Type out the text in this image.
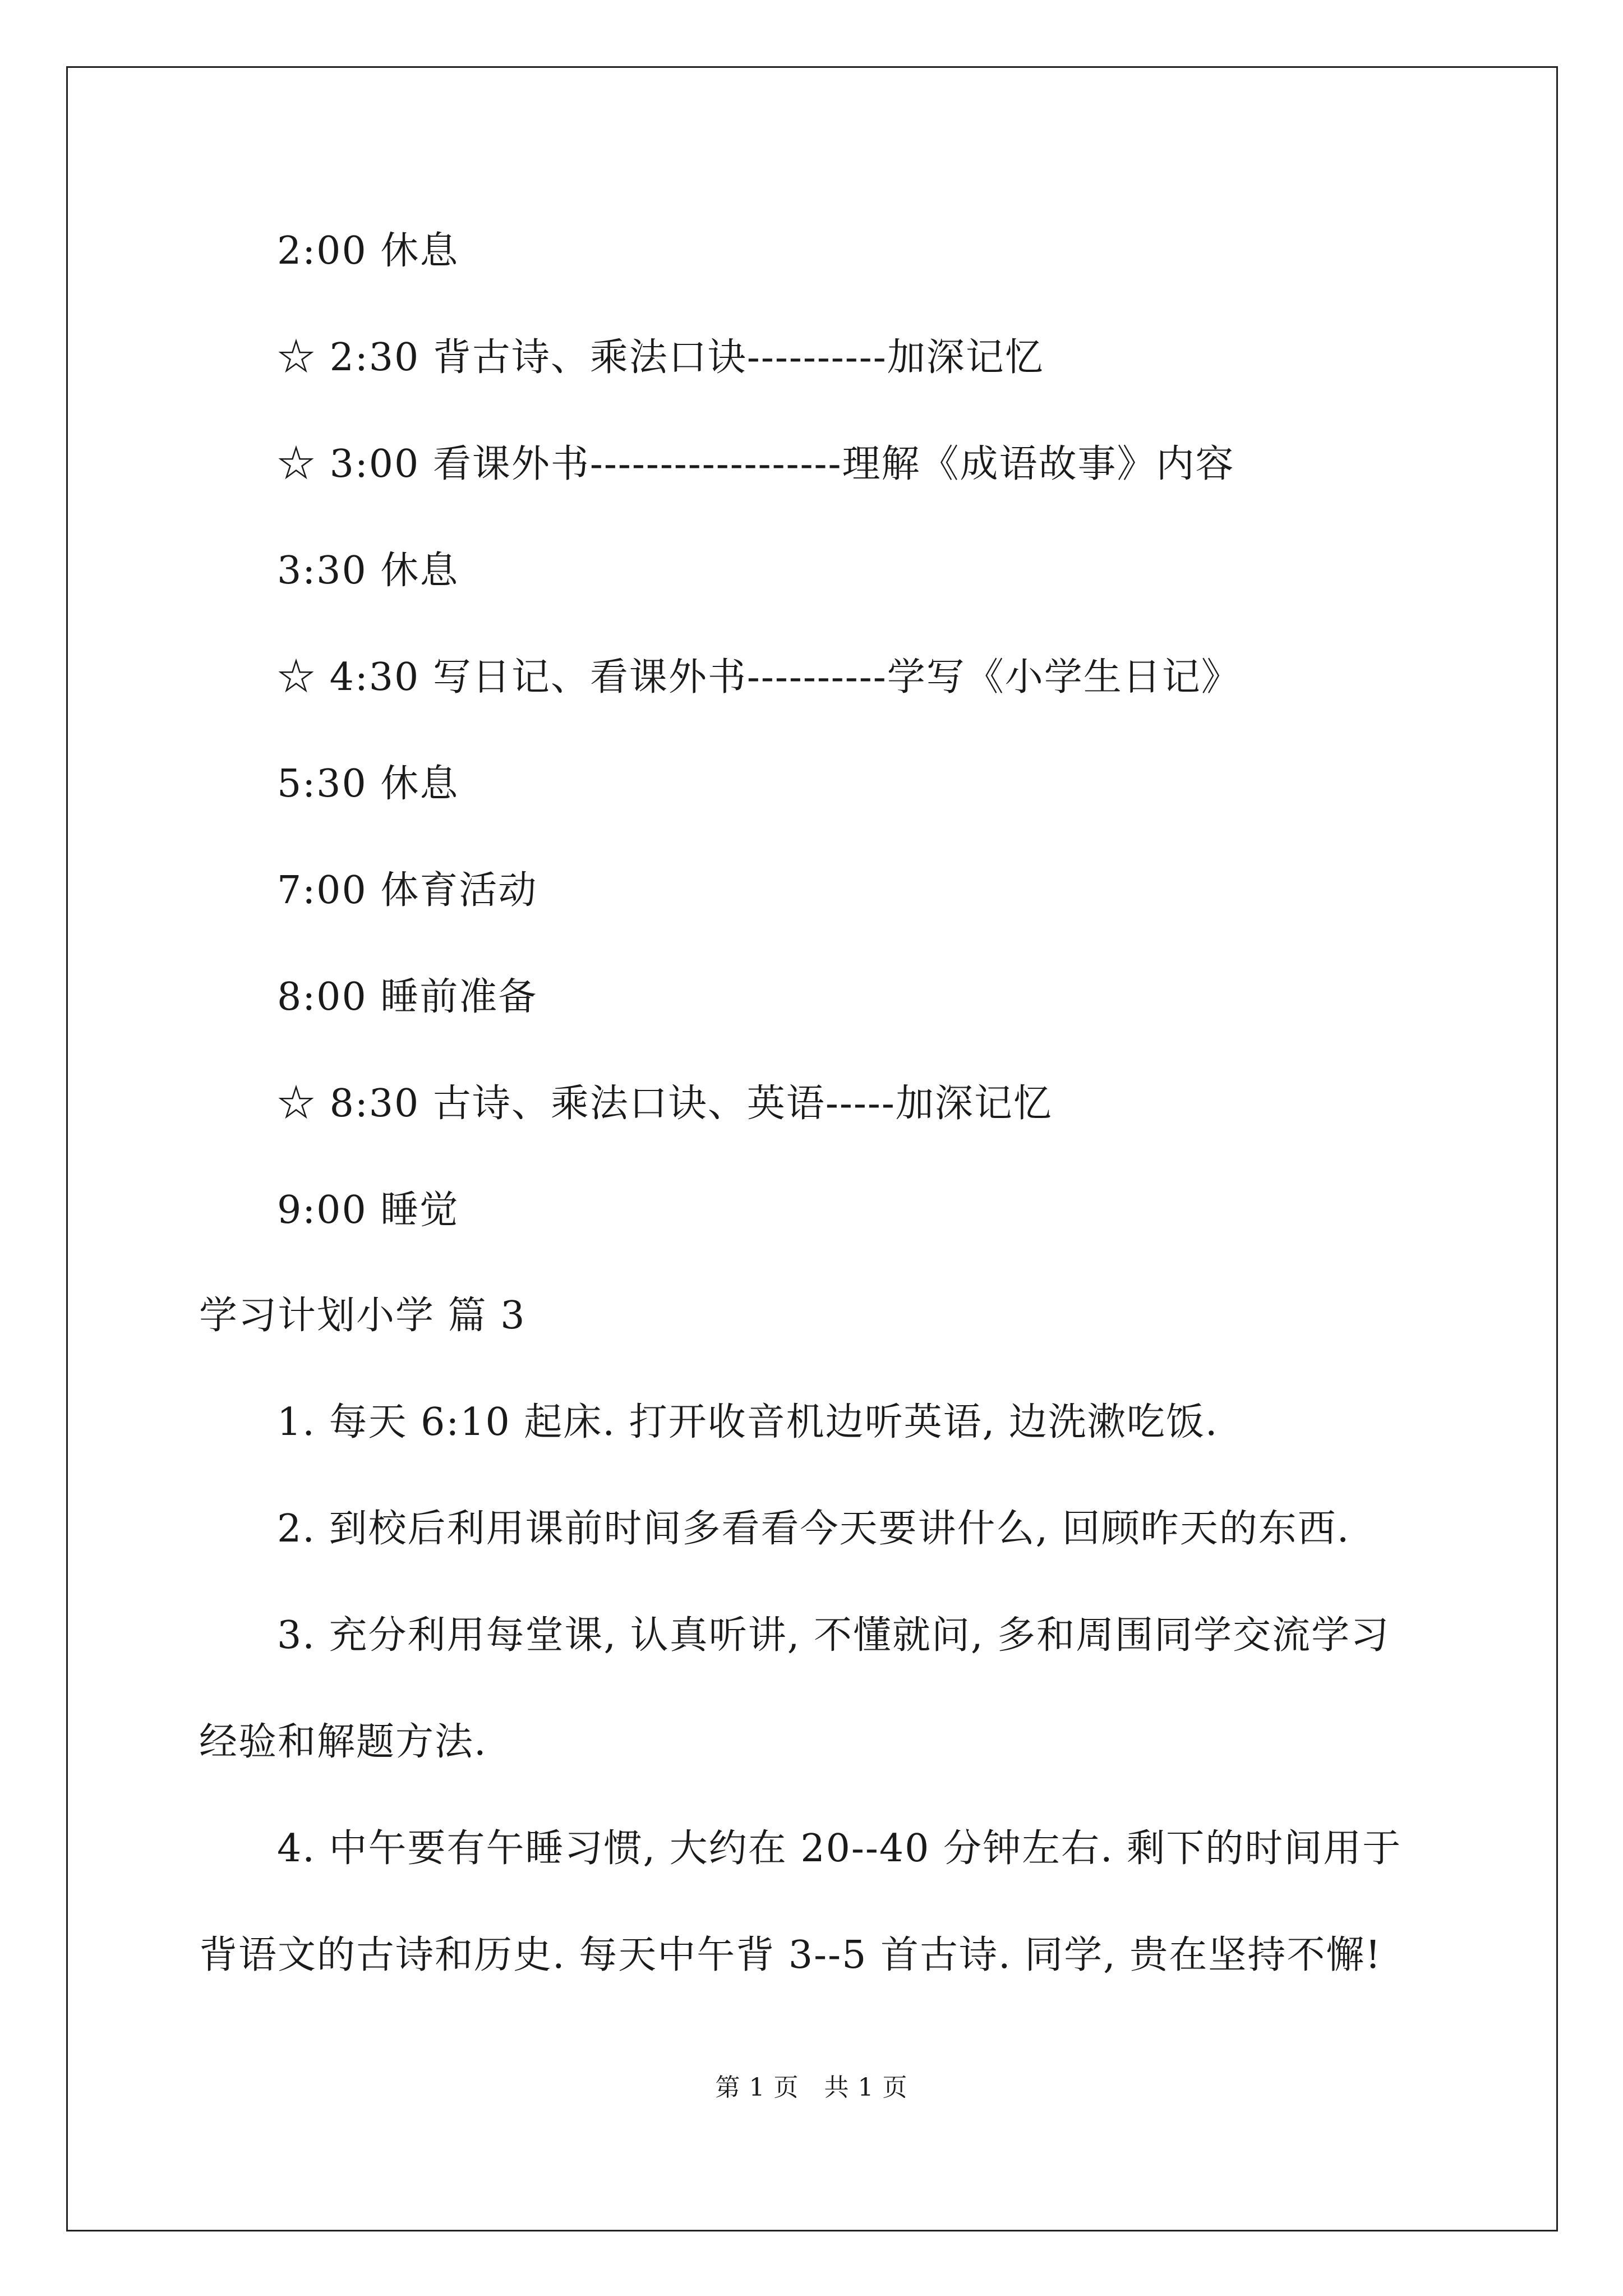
2:00 休息
☆ 2:30 背古诗、乘法口诀----------加深记忆
☆ 3:00 看课外书------------------理解《成语故事》内容
3:30 休息
☆ 4:30 写日记、看课外书----------学写《小学生日记》
5:30 休息
7:00 体育活动
8:00 睡前准备
☆ 8:30 古诗、乘法口诀、英语-----加深记忆
9:00 睡觉
学习计划小学 篇 3
1. 每天 6:10 起床. 打开收音机边听英语, 边洗漱吃饭.
2. 到校后利用课前时间多看看今天要讲什么, 回顾昨天的东西.
3. 充分利用每堂课, 认真听讲, 不懂就问, 多和周围同学交流学习
经验和解题方法.
4. 中午要有午睡习惯, 大约在 20--40 分钟左右. 剩下的时间用于
背语文的古诗和历史. 每天中午背 3--5 首古诗. 同学, 贵在坚持不懈!
第 1 页　共 1 页
